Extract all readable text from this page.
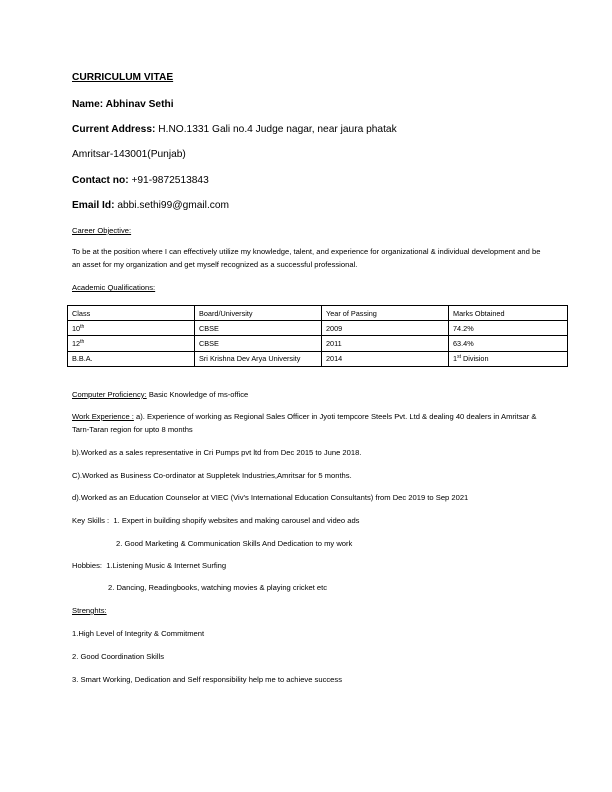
CURRICULUM VITAE
Name: Abhinav Sethi
Current Address: H.NO.1331 Gali no.4 Judge nagar, near jaura phatak
Amritsar-143001(Punjab)
Contact no: +91-9872513843
Email Id: abbi.sethi99@gmail.com
Career Objective:
To be at the position where I can effectively utilize my knowledge, talent, and experience for organizational & individual development and be an asset for my organization and get myself recognized as a successful professional.
Academic Qualifications:
Class	Board/University	Year of Passing	Marks Obtained
10th	CBSE	2009	74.2%
12th	CBSE	2011	63.4%
B.B.A.	Sri Krishna Dev Arya University	2014	1st Division
Computer Proficiency: Basic Knowledge of ms-office
Work Experience : a). Experience of working as Regional Sales Officer in Jyoti tempcore Steels Pvt. Ltd & dealing 40 dealers in Amritsar & Tarn-Taran region for upto 8 months
b).Worked as a sales representative in Cri Pumps pvt ltd from Dec 2015 to June 2018.
C).Worked as Business Co-ordinator at Suppletek Industries,Amritsar for 5 months.
d).Worked as an Education Counselor at VIEC (Viv's International Education Consultants) from Dec 2019 to Sep 2021
Key Skills : 1. Expert in building shopify websites and making carousel and video ads
2. Good Marketing & Communication Skills And Dedication to my work
Hobbies: 1.Listening Music & Internet Surfing
2. Dancing, Readingbooks, watching movies & playing cricket etc
Strenghts:
1.High Level of Integrity & Commitment
2. Good Coordination Skills
3. Smart Working, Dedication and Self responsibility help me to achieve success
